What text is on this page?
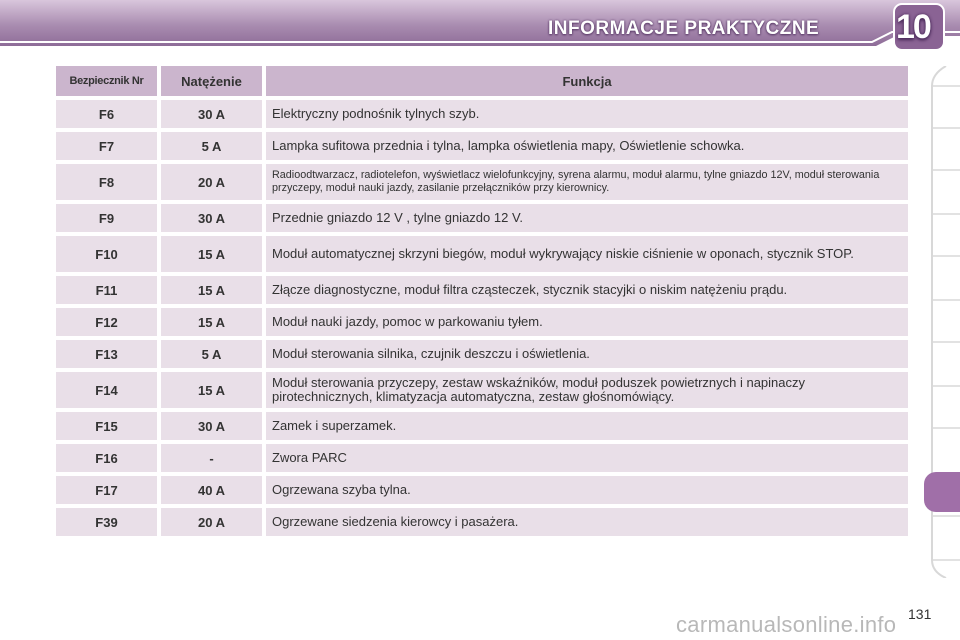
INFORMACJE PRAKTYCZNE 10
Bezpiecznik Nr	Natężenie	Funkcja
F6	30 A	Elektryczny podnośnik tylnych szyb.
F7	5 A	Lampka sufitowa przednia i tylna, lampka oświetlenia mapy, Oświetlenie schowka.
F8	20 A	Radioodtwarzacz, radiotelefon, wyświetlacz wielofunkcyjny, syrena alarmu, moduł alarmu, tylne gniazdo 12V, moduł sterowania przyczepy, moduł nauki jazdy, zasilanie przełączników przy kierownicy.
F9	30 A	Przednie gniazdo 12 V , tylne gniazdo 12 V.
F10	15 A	Moduł automatycznej skrzyni biegów, moduł wykrywający niskie ciśnienie w oponach, stycznik STOP.
F11	15 A	Złącze diagnostyczne, moduł filtra cząsteczek, stycznik stacyjki o niskim natężeniu prądu.
F12	15 A	Moduł nauki jazdy, pomoc w parkowaniu tyłem.
F13	5 A	Moduł sterowania silnika, czujnik deszczu i oświetlenia.
F14	15 A	Moduł sterowania przyczepy, zestaw wskaźników, moduł poduszek powietrznych i napinaczy pirotechnicznych, klimatyzacja automatyczna, zestaw głośnomówiący.
F15	30 A	Zamek i superzamek.
F16	-	Zwora PARC
F17	40 A	Ogrzewana szyba tylna.
F39	20 A	Ogrzewane siedzenia kierowcy i pasażera.
131
carmanualsonline.info
